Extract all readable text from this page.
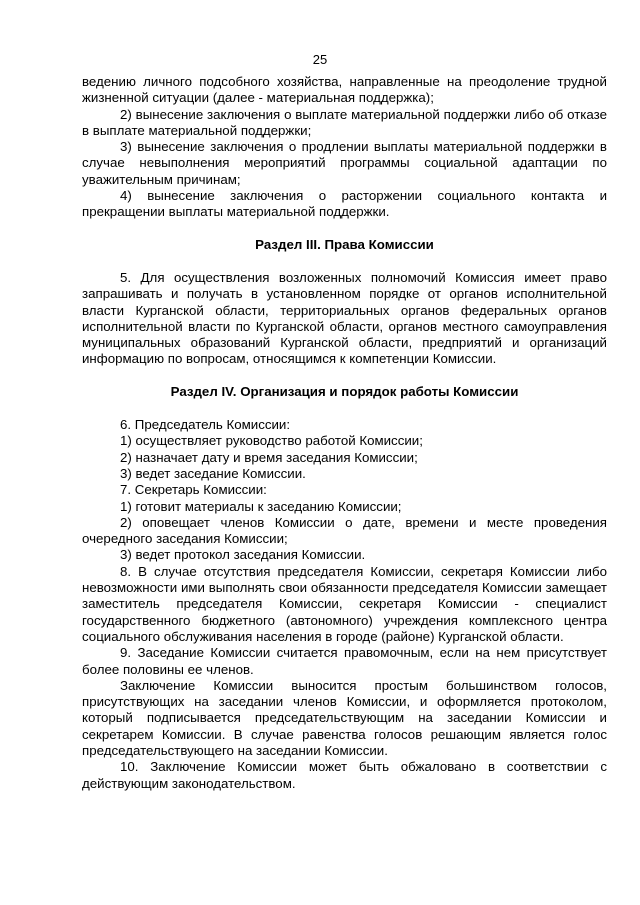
25

ведению личного подсобного хозяйства, направленные на преодоление трудной жизненной ситуации (далее - материальная поддержка);

2) вынесение заключения о выплате материальной поддержки либо об отказе в выплате материальной поддержки;

3) вынесение заключения о продлении выплаты материальной поддержки в случае невыполнения мероприятий программы социальной адаптации по уважительным причинам;

4) вынесение заключения о расторжении социального контакта и прекращении выплаты материальной поддержки.

Раздел III. Права Комиссии

5. Для осуществления возложенных полномочий Комиссия имеет право запрашивать и получать в установленном порядке от органов исполнительной власти Курганской области, территориальных органов федеральных органов исполнительной власти по Курганской области, органов местного самоуправления муниципальных образований Курганской области, предприятий и организаций информацию по вопросам, относящимся к компетенции Комиссии.

Раздел IV. Организация и порядок работы Комиссии

6. Председатель Комиссии:

1) осуществляет руководство работой Комиссии;

2) назначает дату и время заседания Комиссии;

3) ведет заседание Комиссии.

7. Секретарь Комиссии:

1) готовит материалы к заседанию Комиссии;

2) оповещает членов Комиссии о дате, времени и месте проведения очередного заседания Комиссии;

3) ведет протокол заседания Комиссии.

8. В случае отсутствия председателя Комиссии, секретаря Комиссии либо невозможности ими выполнять свои обязанности председателя Комиссии замещает заместитель председателя Комиссии, секретаря Комиссии - специалист государственного бюджетного (автономного) учреждения комплексного центра социального обслуживания населения в городе (районе) Курганской области.

9. Заседание Комиссии считается правомочным, если на нем присутствует более половины ее членов.

Заключение Комиссии выносится простым большинством голосов, присутствующих на заседании членов Комиссии, и оформляется протоколом, который подписывается председательствующим на заседании Комиссии и секретарем Комиссии. В случае равенства голосов решающим является голос председательствующего на заседании Комиссии.

10. Заключение Комиссии может быть обжаловано в соответствии с действующим законодательством.
